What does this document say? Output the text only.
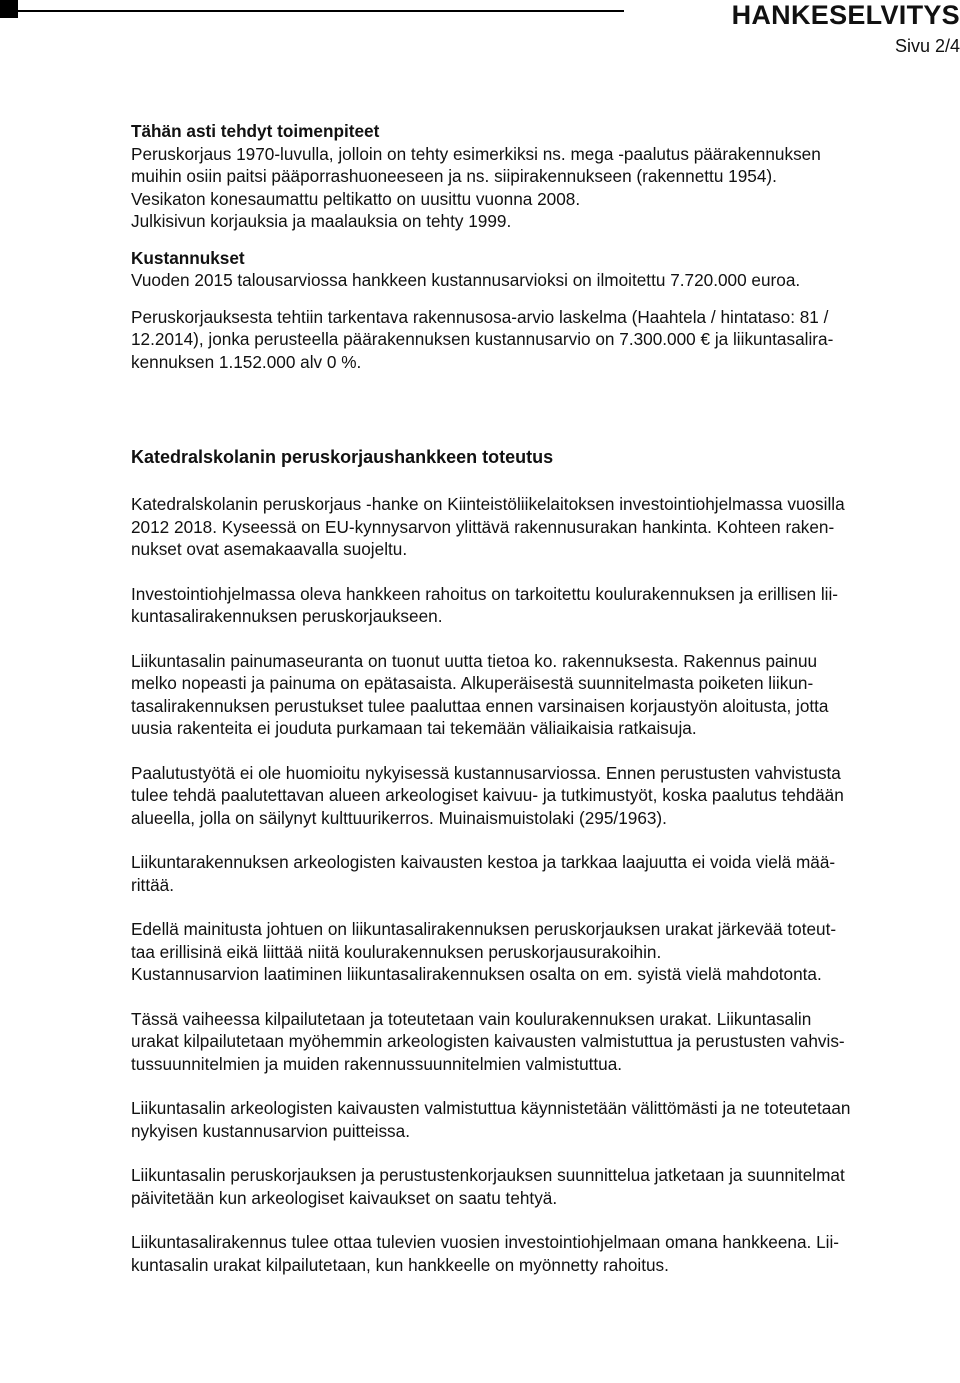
HANKESELVITYS
Sivu 2/4
Tähän asti tehdyt toimenpiteet

Peruskorjaus 1970-luvulla, jolloin on tehty esimerkiksi ns. mega -paalutus päärakennuksen
muihin osiin paitsi pääporrashuoneeseen ja ns. siipirakennukseen (rakennettu 1954).
Vesikaton konesaumattu peltikatto on uusittu vuonna 2008.
Julkisivun korjauksia ja maalauksia on tehty 1999.

Kustannukset

Vuoden 2015 talousarviossa hankkeen kustannusarvioksi on ilmoitettu 7.720.000 euroa.

Peruskorjauksesta tehtiin tarkentava rakennusosa-arvio laskelma (Haahtela / hintataso: 81 /
12.2014), jonka perusteella päärakennuksen kustannusarvio on 7.300.000 € ja liikuntasalira-
kennuksen 1.152.000 alv 0 %.

Katedralskolanin peruskorjaushankkeen toteutus

Katedralskolanin peruskorjaus -hanke on Kiinteistöliikelaitoksen investointiohjelmassa vuosilla
2012 2018. Kyseessä on EU-kynnysarvon ylittävä rakennusurakan hankinta. Kohteen raken-
nukset ovat asemakaavalla suojeltu.

Investointiohjelmassa oleva hankkeen rahoitus on tarkoitettu koulurakennuksen ja erillisen lii-
kuntasalirakennuksen peruskorjaukseen.

Liikuntasalin painumaseuranta on tuonut uutta tietoa ko. rakennuksesta. Rakennus painuu
melko nopeasti ja painuma on epätasaista. Alkuperäisestä suunnitelmasta poiketen liikun-
tasalirakennuksen perustukset tulee paaluttaa ennen varsinaisen korjaustyön aloitusta, jotta
uusia rakenteita ei jouduta purkamaan tai tekemään väliaikaisia ratkaisuja.

Paalutustyötä ei ole huomioitu nykyisessä kustannusarviossa. Ennen perustusten vahvistusta
tulee tehdä paalutettavan alueen arkeologiset kaivuu- ja tutkimustyöt, koska paalutus tehdään
alueella, jolla on säilynyt kulttuurikerros. Muinaismuistolaki (295/1963).

Liikuntarakennuksen arkeologisten kaivausten kestoa ja tarkkaa laajuutta ei voida vielä mää-
rittää.

Edellä mainitusta johtuen on liikuntasalirakennuksen peruskorjauksen urakat järkevää toteut-
taa erillisinä eikä liittää niitä koulurakennuksen peruskorjausurakoihin.
Kustannusarvion laatiminen liikuntasalirakennuksen osalta on em. syistä vielä mahdotonta.

Tässä vaiheessa kilpailutetaan ja toteutetaan vain koulurakennuksen urakat. Liikuntasalin
urakat kilpailutetaan myöhemmin arkeologisten kaivausten valmistuttua ja perustusten vahvis-
tussuunnitelmien ja muiden rakennussuunnitelmien valmistuttua.

Liikuntasalin arkeologisten kaivausten valmistuttua käynnistetään välittömästi ja ne toteutetaan
nykyisen kustannusarvion puitteissa.

Liikuntasalin peruskorjauksen ja perustustenkorjauksen suunnittelua jatketaan ja suunnitelmat
päivitetään kun arkeologiset kaivaukset on saatu tehtyä.

Liikuntasalirakennus tulee ottaa tulevien vuosien investointiohjelmaan omana hankkeena. Lii-
kuntasalin urakat kilpailutetaan, kun hankkeelle on myönnetty rahoitus.
